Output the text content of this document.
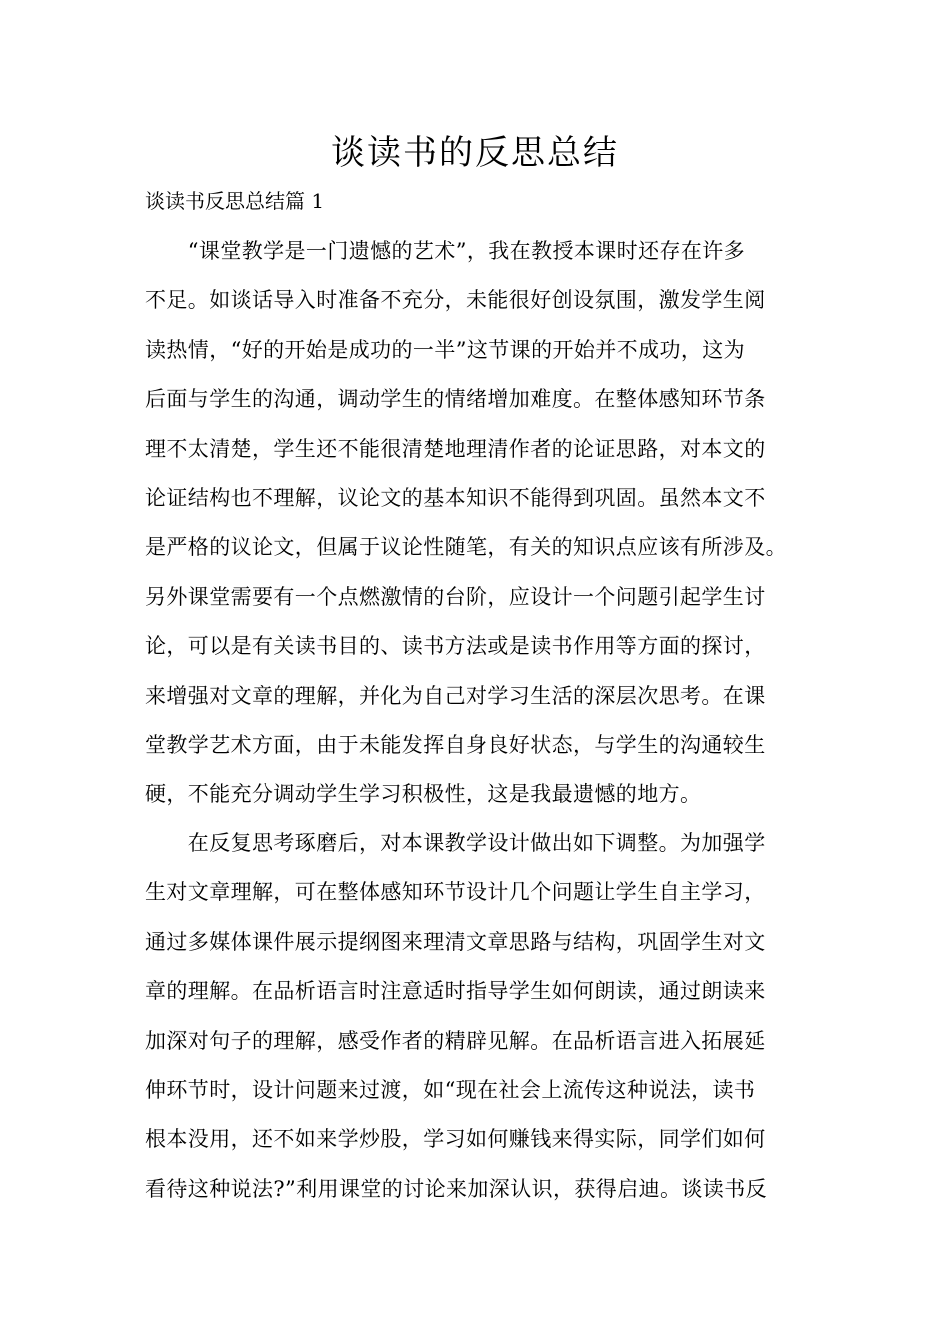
谈读书的反思总结

谈读书反思总结篇 1

　　“课堂教学是一门遗憾的艺术”，我在教授本课时还存在许多
不足。如谈话导入时准备不充分，未能很好创设氛围，激发学生阅
读热情，“好的开始是成功的一半”这节课的开始并不成功，这为
后面与学生的沟通，调动学生的情绪增加难度。在整体感知环节条
理不太清楚，学生还不能很清楚地理清作者的论证思路，对本文的
论证结构也不理解，议论文的基本知识不能得到巩固。虽然本文不
是严格的议论文，但属于议论性随笔，有关的知识点应该有所涉及。
另外课堂需要有一个点燃激情的台阶，应设计一个问题引起学生讨
论，可以是有关读书目的、读书方法或是读书作用等方面的探讨，
来增强对文章的理解，并化为自己对学习生活的深层次思考。在课
堂教学艺术方面，由于未能发挥自身良好状态，与学生的沟通较生
硬，不能充分调动学生学习积极性，这是我最遗憾的地方。
　　在反复思考琢磨后，对本课教学设计做出如下调整。为加强学
生对文章理解，可在整体感知环节设计几个问题让学生自主学习，
通过多媒体课件展示提纲图来理清文章思路与结构，巩固学生对文
章的理解。在品析语言时注意适时指导学生如何朗读，通过朗读来
加深对句子的理解，感受作者的精辟见解。在品析语言进入拓展延
伸环节时，设计问题来过渡，如“现在社会上流传这种说法，读书
根本没用，还不如来学炒股，学习如何赚钱来得实际，同学们如何
看待这种说法?”利用课堂的讨论来加深认识，获得启迪。谈读书反
